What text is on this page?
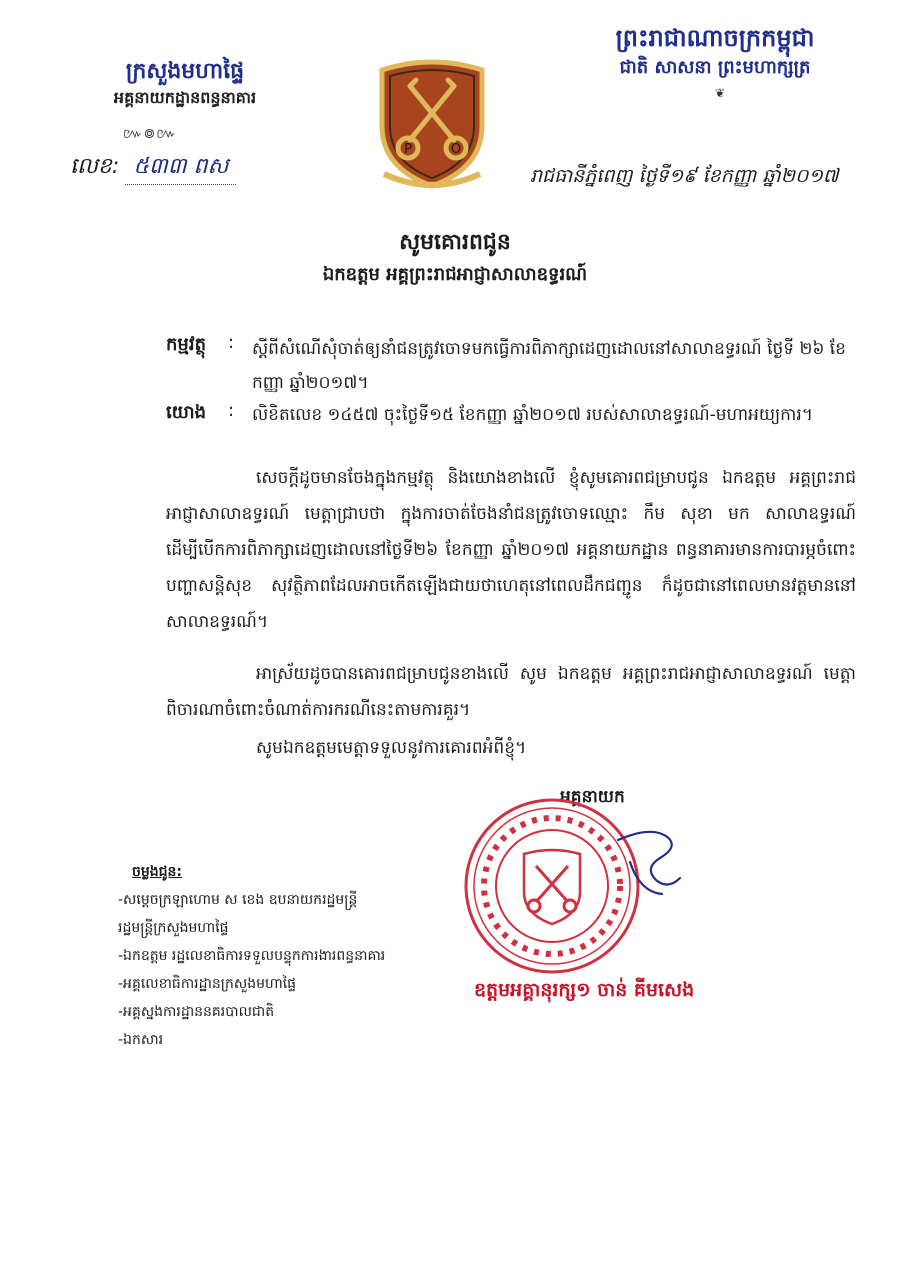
ក្រសួងមហាផ្ទៃ
អគ្គនាយកដ្ឋានពន្ធនាគារ
៚៙៚
លេខ: ៥៣៣ ពស
P	O
ព្រះរាជាណាចក្រកម្ពុជា
ជាតិ សាសនា ព្រះមហាក្សត្រ
❦
រាជធានីភ្នំពេញ ថ្ងៃទី១៩ ខែកញ្ញា ឆ្នាំ២០១៧
សូមគោរពជូន
ឯកឧត្តម អគ្គព្រះរាជអាជ្ញាសាលាឧទ្ធរណ៍
កម្មវត្ថុ : ស្តីពីសំណើសុំចាត់ឲ្យនាំជនត្រូវចោទមកធ្វើការពិភាក្សាដេញដោលនៅសាលាឧទ្ធរណ៍ ថ្ងៃទី ២៦ ខែកញ្ញា ឆ្នាំ២០១៧។
យោង : លិខិតលេខ ១៤៥៧ ចុះថ្ងៃទី១៥ ខែកញ្ញា ឆ្នាំ២០១៧ របស់សាលាឧទ្ធរណ៍-មហាអយ្យការ។
សេចក្តីដូចមានចែងក្នុងកម្មវត្ថុ និងយោងខាងលើ ខ្ញុំសូមគោរពជម្រាបជូន ឯកឧត្តម អគ្គព្រះរាជអាជ្ញាសាលាឧទ្ធរណ៍ មេត្តាជ្រាបថា ក្នុងការចាត់ចែងនាំជនត្រូវចោទឈ្មោះ កឹម សុខា មក សាលាឧទ្ធរណ៍ ដើម្បីបើកការពិភាក្សាដេញដោលនៅថ្ងៃទី២៦ ខែកញ្ញា ឆ្នាំ២០១៧ អគ្គនាយកដ្ឋាន ពន្ធនាគារមានការបារម្ភចំពោះបញ្ហាសន្តិសុខ សុវត្ថិភាពដែលអាចកើតឡើងជាយថាហេតុនៅពេលដឹកជញ្ជូន ក៏ដូចជានៅពេលមានវត្តមាននៅសាលាឧទ្ធរណ៍។
អាស្រ័យដូចបានគោរពជម្រាបជូនខាងលើ សូម ឯកឧត្តម អគ្គព្រះរាជអាជ្ញាសាលាឧទ្ធរណ៍ មេត្តាពិចារណាចំពោះចំណាត់ការករណីនេះតាមការគួរ។
សូមឯកឧត្តមមេត្តាទទួលនូវការគោរពអំពីខ្ញុំ។
អគ្គនាយក
ឧត្តមអគ្គានុរក្ស១ ចាន់ គីមសេង
ចម្លងជូន:
-សម្តេចក្រឡាហោម ស ខេង ឧបនាយករដ្ឋមន្ត្រី
រដ្ឋមន្ត្រីក្រសួងមហាផ្ទៃ
-ឯកឧត្តម រដ្ឋលេខាធិការទទួលបន្ទុកការងារពន្ធនាគារ
-អគ្គលេខាធិការដ្ឋានក្រសួងមហាផ្ទៃ
-អគ្គស្នងការដ្ឋាននគរបាលជាតិ
-ឯកសារ
